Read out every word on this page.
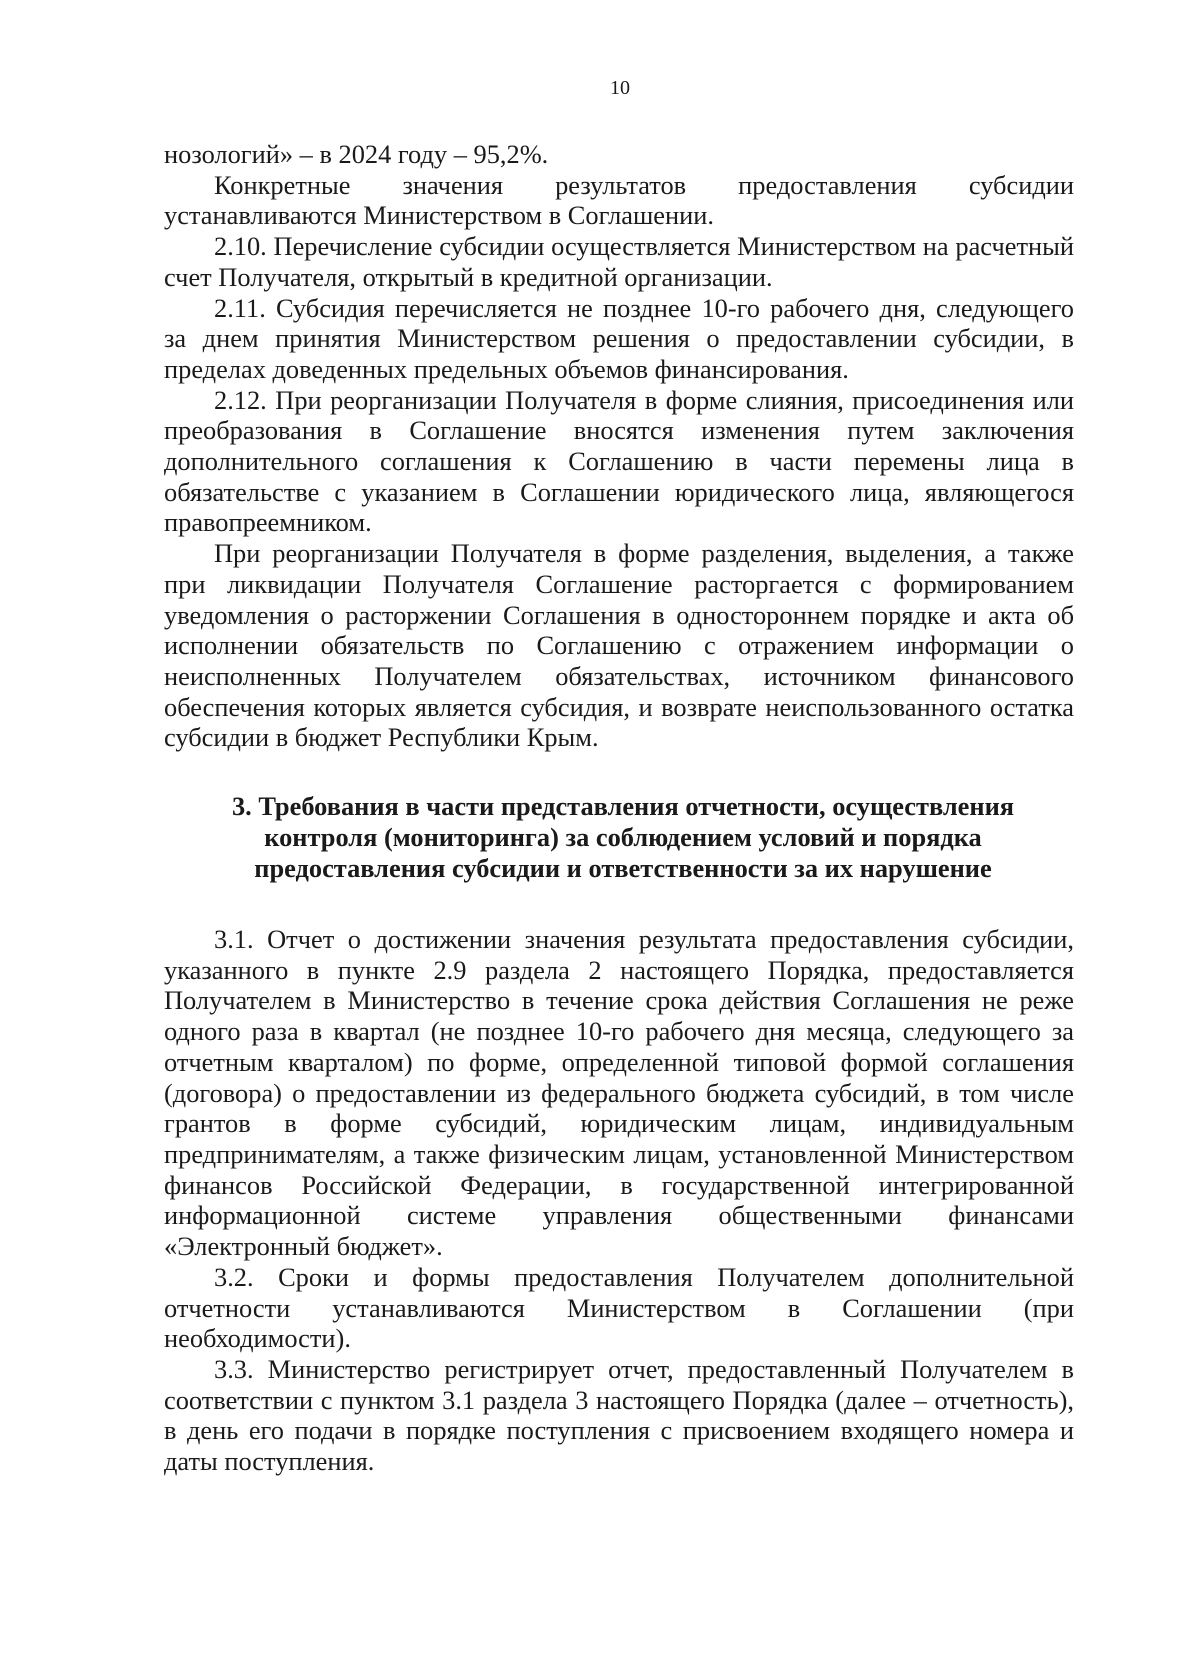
10

нозологий» – в 2024 году – 95,2%.

Конкретные значения результатов предоставления субсидии устанавливаются Министерством в Соглашении.

2.10. Перечисление субсидии осуществляется Министерством на расчетный счет Получателя, открытый в кредитной организации.

2.11. Субсидия перечисляется не позднее 10-го рабочего дня, следующего за днем принятия Министерством решения о предоставлении субсидии, в пределах доведенных предельных объемов финансирования.

2.12. При реорганизации Получателя в форме слияния, присоединения или преобразования в Соглашение вносятся изменения путем заключения дополнительного соглашения к Соглашению в части перемены лица в обязательстве с указанием в Соглашении юридического лица, являющегося правопреемником.

При реорганизации Получателя в форме разделения, выделения, а также при ликвидации Получателя Соглашение расторгается с формированием уведомления о расторжении Соглашения в одностороннем порядке и акта об исполнении обязательств по Соглашению с отражением информации о неисполненных Получателем обязательствах, источником финансового обеспечения которых является субсидия, и возврате неиспользованного остатка субсидии в бюджет Республики Крым.

3. Требования в части представления отчетности, осуществления
контроля (мониторинга) за соблюдением условий и порядка
предоставления субсидии и ответственности за их нарушение

3.1. Отчет о достижении значения результата предоставления субсидии, указанного в пункте 2.9 раздела 2 настоящего Порядка, предоставляется Получателем в Министерство в течение срока действия Соглашения не реже одного раза в квартал (не позднее 10-го рабочего дня месяца, следующего за отчетным кварталом) по форме, определенной типовой формой соглашения (договора) о предоставлении из федерального бюджета субсидий, в том числе грантов в форме субсидий, юридическим лицам, индивидуальным предпринимателям, а также физическим лицам, установленной Министерством финансов Российской Федерации, в государственной интегрированной информационной системе управления общественными финансами «Электронный бюджет».

3.2. Сроки и формы предоставления Получателем дополнительной отчетности устанавливаются Министерством в Соглашении (при необходимости).

3.3. Министерство регистрирует отчет, предоставленный Получателем в соответствии с пунктом 3.1 раздела 3 настоящего Порядка (далее – отчетность), в день его подачи в порядке поступления с присвоением входящего номера и даты поступления.
